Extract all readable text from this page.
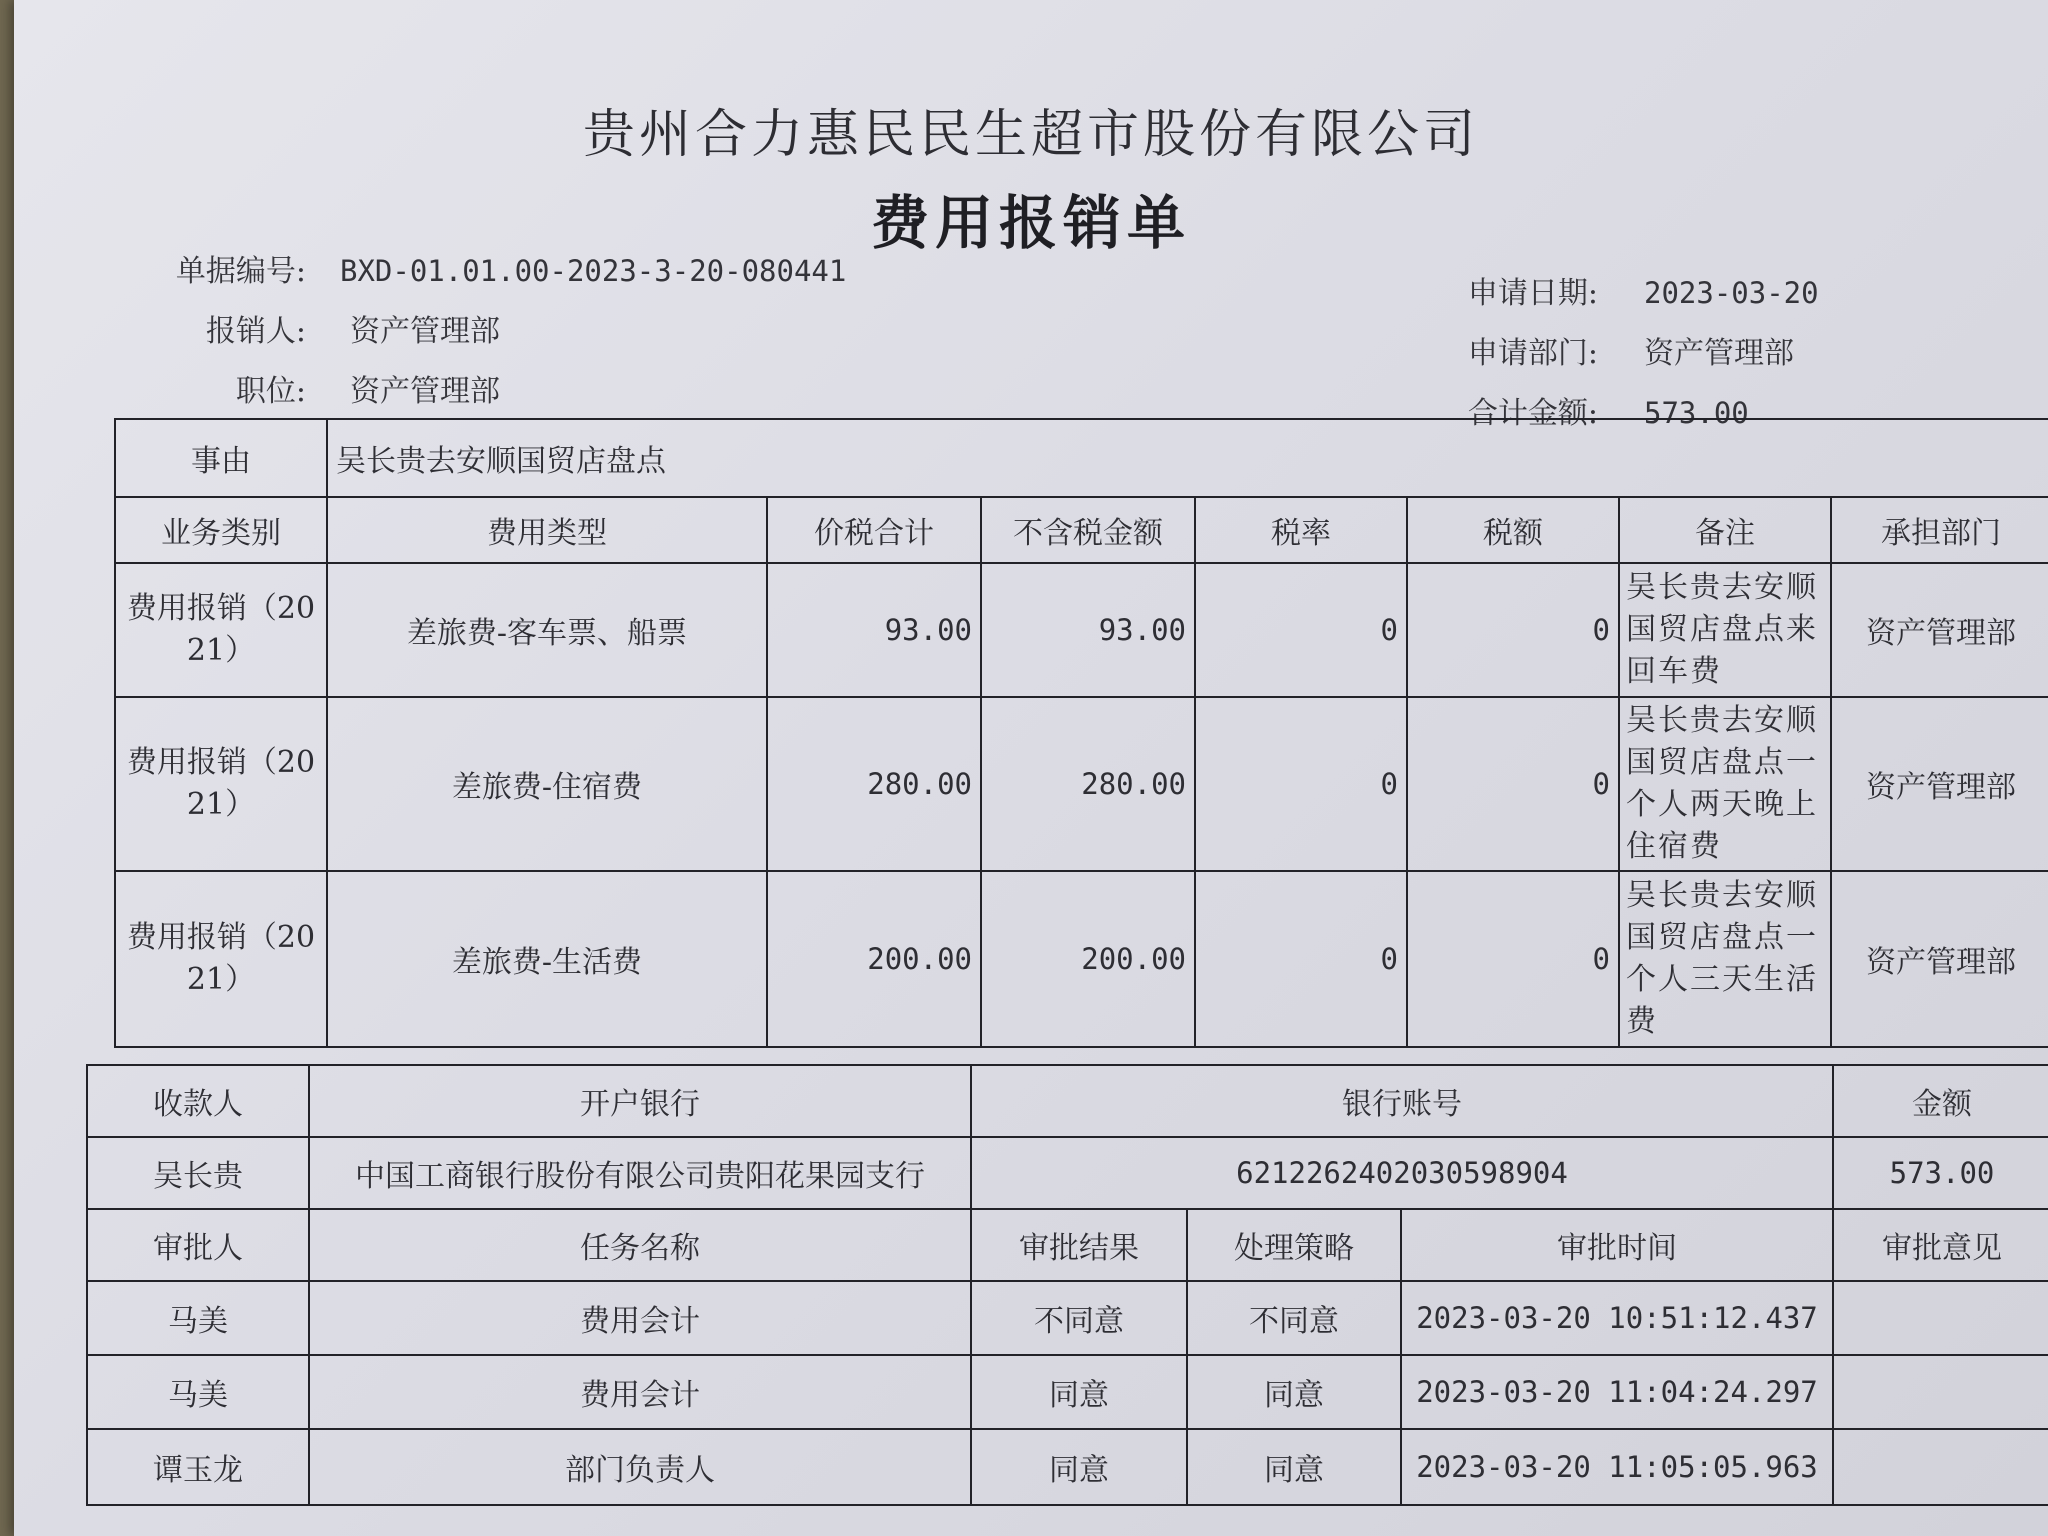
贵州合力惠民民生超市股份有限公司
费用报销单
单据编号: BXD-01.01.00-2023-3-20-080441
报销人: 资产管理部
职位: 资产管理部
申请日期: 2023-03-20
申请部门: 资产管理部
合计金额: 573.00
事由	吴长贵去安顺国贸店盘点						
业务类别	费用类型	价税合计	不含税金额	税率	税额	备注	承担部门
费用报销（2021）	差旅费-客车票、船票	93.00	93.00	0	0	吴长贵去安顺国贸店盘点来回车费	资产管理部
费用报销（2021）	差旅费-住宿费	280.00	280.00	0	0	吴长贵去安顺国贸店盘点一个人两天晚上住宿费	资产管理部
费用报销（2021）	差旅费-生活费	200.00	200.00	0	0	吴长贵去安顺国贸店盘点一个人三天生活费	资产管理部
收款人	开户银行	银行账号			金额
吴长贵	中国工商银行股份有限公司贵阳花果园支行	6212262402030598904			573.00
审批人	任务名称	审批结果	处理策略	审批时间	审批意见
马美	费用会计	不同意	不同意	2023-03-20 10:51:12.437	
马美	费用会计	同意	同意	2023-03-20 11:04:24.297	
谭玉龙	部门负责人	同意	同意	2023-03-20 11:05:05.963	
